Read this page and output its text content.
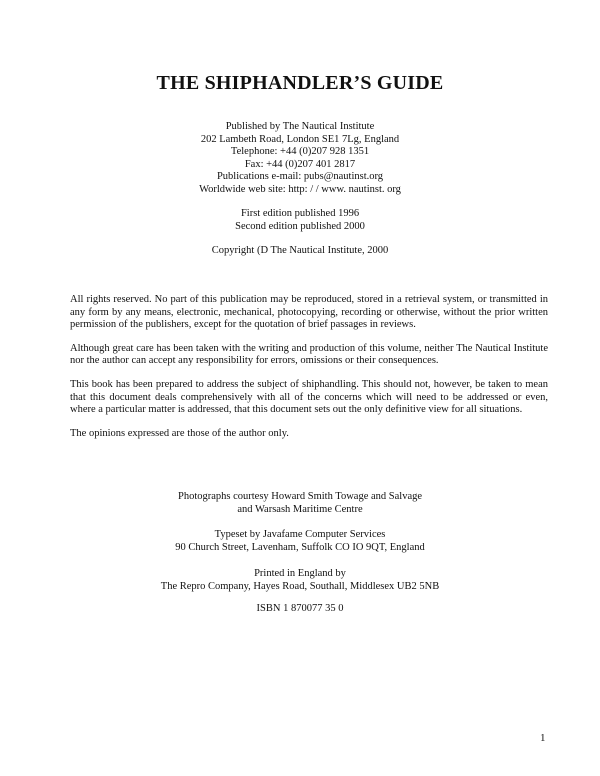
THE SHIPHANDLER’S GUIDE
Published by The Nautical Institute
202 Lambeth Road, London SE1 7Lg, England
Telephone: +44 (0)207 928 1351
Fax: +44 (0)207 401 2817
Publications e-mail: pubs@nautinst.org
Worldwide web site: http: / / www. nautinst. org
First edition published 1996
Second edition published 2000
Copyright (D The Nautical Institute, 2000

All rights reserved. No part of this publication may be reproduced, stored in a retrieval system, or transmitted in any form by any means, electronic, mechanical, photocopying, recording or otherwise, without the prior written permission of the publishers, except for the quotation of brief passages in reviews.

Although great care has been taken with the writing and production of this volume, neither The Nautical Institute nor the author can accept any responsibility for errors, omissions or their consequences.

This book has been prepared to address the subject of shiphandling. This should not, however, be taken to mean that this document deals comprehensively with all of the concerns which will need to be addressed or even, where a particular matter is addressed, that this document sets out the only definitive view for all situations.

The opinions expressed are those of the author only.

Photographs courtesy Howard Smith Towage and Salvage
and Warsash Maritime Centre
Typeset by Javafame Computer Services
90 Church Street, Lavenham, Suffolk CO IO 9QT, England
Printed in England by
The Repro Company, Hayes Road, Southall, Middlesex UB2 5NB
ISBN 1 870077 35 0
1
